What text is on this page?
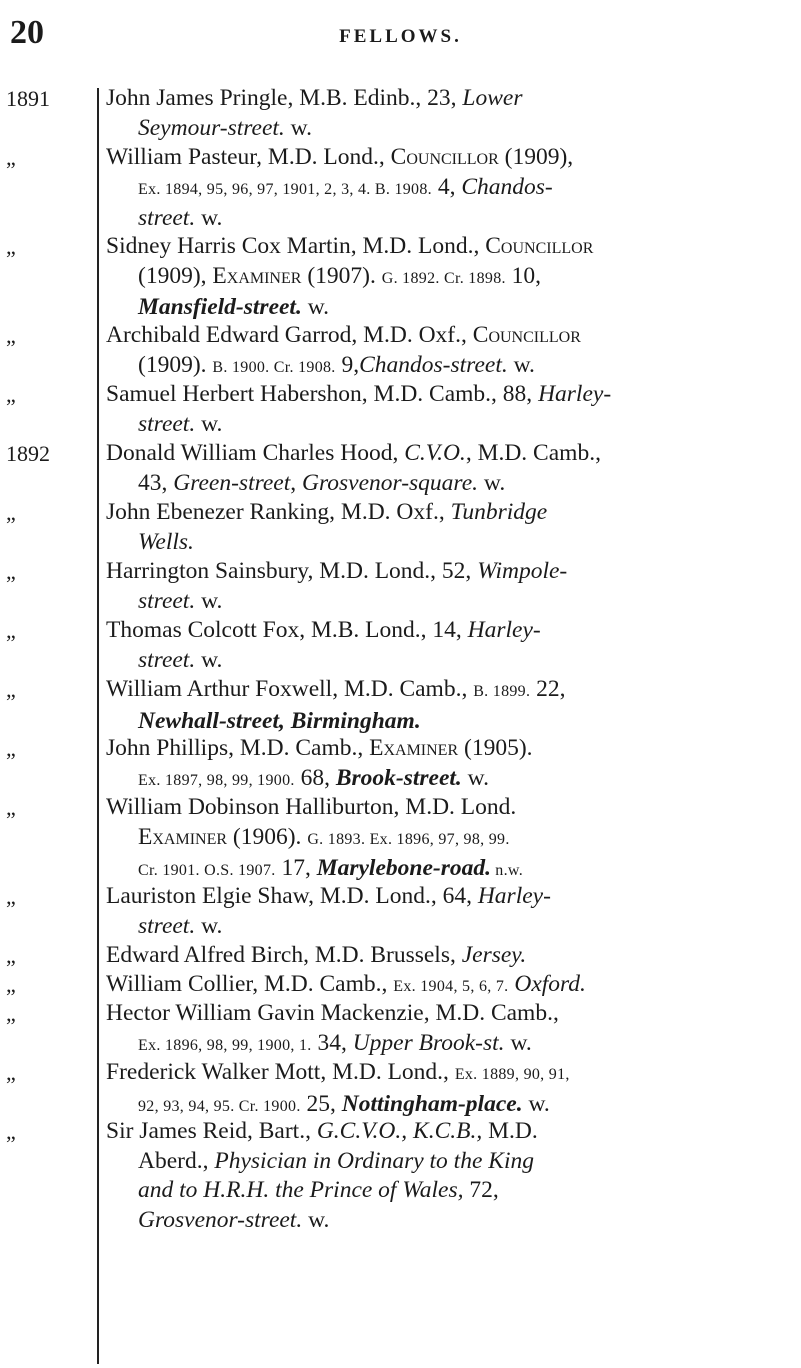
20	FELLOWS.
1891	John James Pringle, M.B. Edinb., 23, Lower
Seymour-street. w.
„	William Pasteur, M.D. Lond., Councillor (1909),
Ex. 1894, 95, 96, 97, 1901, 2, 3, 4. B. 1908. 4, Chandos-
street. w.
„	Sidney Harris Cox Martin, M.D. Lond., Councillor
(1909), Examiner (1907). G. 1892. Cr. 1898. 10,
Mansfield-street. w.
„	Archibald Edward Garrod, M.D. Oxf., Councillor
(1909). B. 1900. Cr. 1908. 9,Chandos-street. w.
„	Samuel Herbert Habershon, M.D. Camb., 88, Harley-
street. w.
1892	Donald William Charles Hood, C.V.O., M.D. Camb.,
43, Green-street, Grosvenor-square. w.
„	John Ebenezer Ranking, M.D. Oxf., Tunbridge
Wells.
„	Harrington Sainsbury, M.D. Lond., 52, Wimpole-
street. w.
„	Thomas Colcott Fox, M.B. Lond., 14, Harley-
street. w.
„	William Arthur Foxwell, M.D. Camb., B. 1899. 22,
Newhall-street, Birmingham.
„	John Phillips, M.D. Camb., Examiner (1905).
Ex. 1897, 98, 99, 1900. 68, Brook-street. w.
„	William Dobinson Halliburton, M.D. Lond.
Examiner (1906). G. 1893. Ex. 1896, 97, 98, 99.
Cr. 1901. O.S. 1907. 17, Marylebone-road. n.w.
„	Lauriston Elgie Shaw, M.D. Lond., 64, Harley-
street. w.
„	Edward Alfred Birch, M.D. Brussels, Jersey.
„	William Collier, M.D. Camb., Ex. 1904, 5, 6, 7. Oxford.
„	Hector William Gavin Mackenzie, M.D. Camb.,
Ex. 1896, 98, 99, 1900, 1. 34, Upper Brook-st. w.
„	Frederick Walker Mott, M.D. Lond., Ex. 1889, 90, 91,
92, 93, 94, 95. Cr. 1900. 25, Nottingham-place. w.
„	Sir James Reid, Bart., G.C.V.O., K.C.B., M.D.
Aberd., Physician in Ordinary to the King
and to H.R.H. the Prince of Wales, 72,
Grosvenor-street. w.
